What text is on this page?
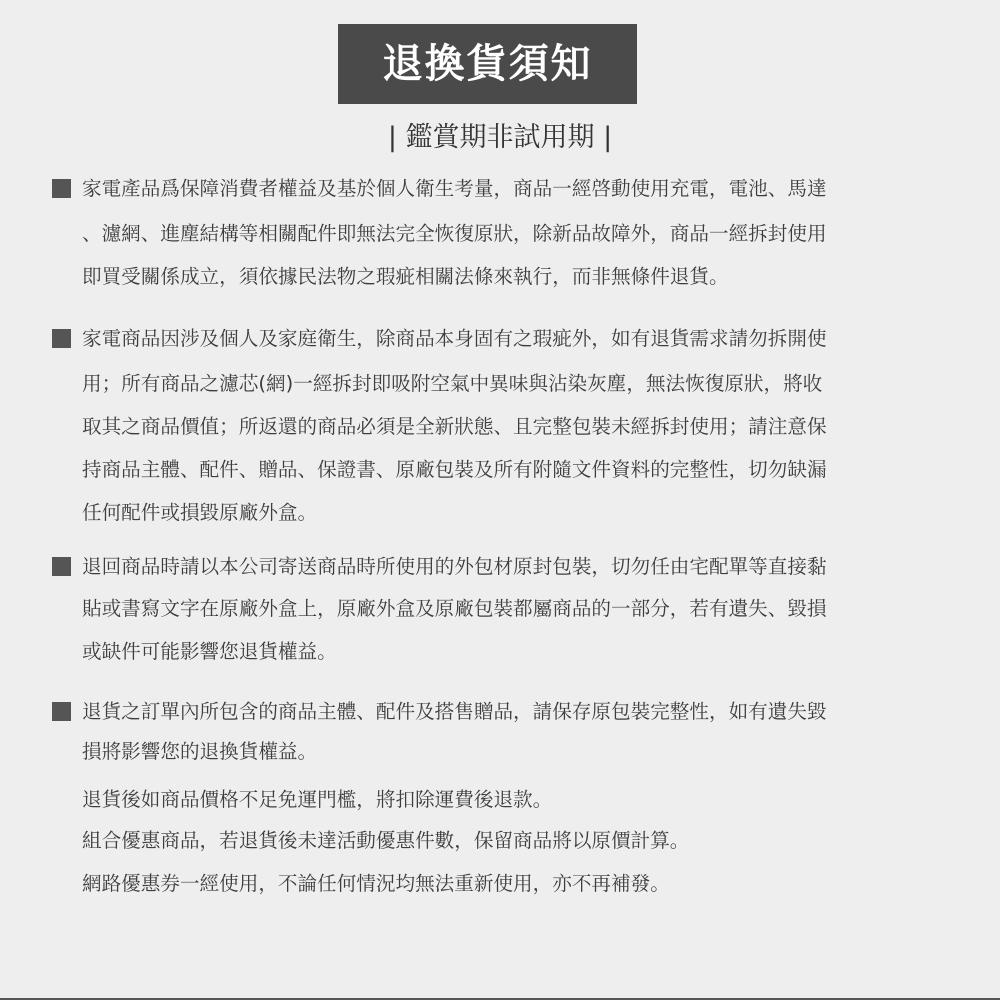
退換貨須知
| 鑑賞期非試用期 |
家電產品爲保障消費者權益及基於個人衛生考量，商品一經啓動使用充電，電池、馬達
、濾網、進塵結構等相關配件即無法完全恢復原狀，除新品故障外，商品一經拆封使用
即買受關係成立，須依據民法物之瑕疵相關法條來執行，而非無條件退貨。
家電商品因涉及個人及家庭衛生，除商品本身固有之瑕疵外，如有退貨需求請勿拆開使
用；所有商品之濾芯(網)一經拆封即吸附空氣中異味與沾染灰塵，無法恢復原狀，將收
取其之商品價值；所返還的商品必須是全新狀態、且完整包裝未經拆封使用；請注意保
持商品主體、配件、贈品、保證書、原廠包裝及所有附隨文件資料的完整性，切勿缺漏
任何配件或損毀原廠外盒。
退回商品時請以本公司寄送商品時所使用的外包材原封包裝，切勿任由宅配單等直接黏
貼或書寫文字在原廠外盒上，原廠外盒及原廠包裝都屬商品的一部分，若有遺失、毀損
或缺件可能影響您退貨權益。
退貨之訂單內所包含的商品主體、配件及搭售贈品，請保存原包裝完整性，如有遺失毀
損將影響您的退換貨權益。
退貨後如商品價格不足免運門檻，將扣除運費後退款。
組合優惠商品，若退貨後未達活動優惠件數，保留商品將以原價計算。
網路優惠券一經使用，不論任何情況均無法重新使用，亦不再補發。
